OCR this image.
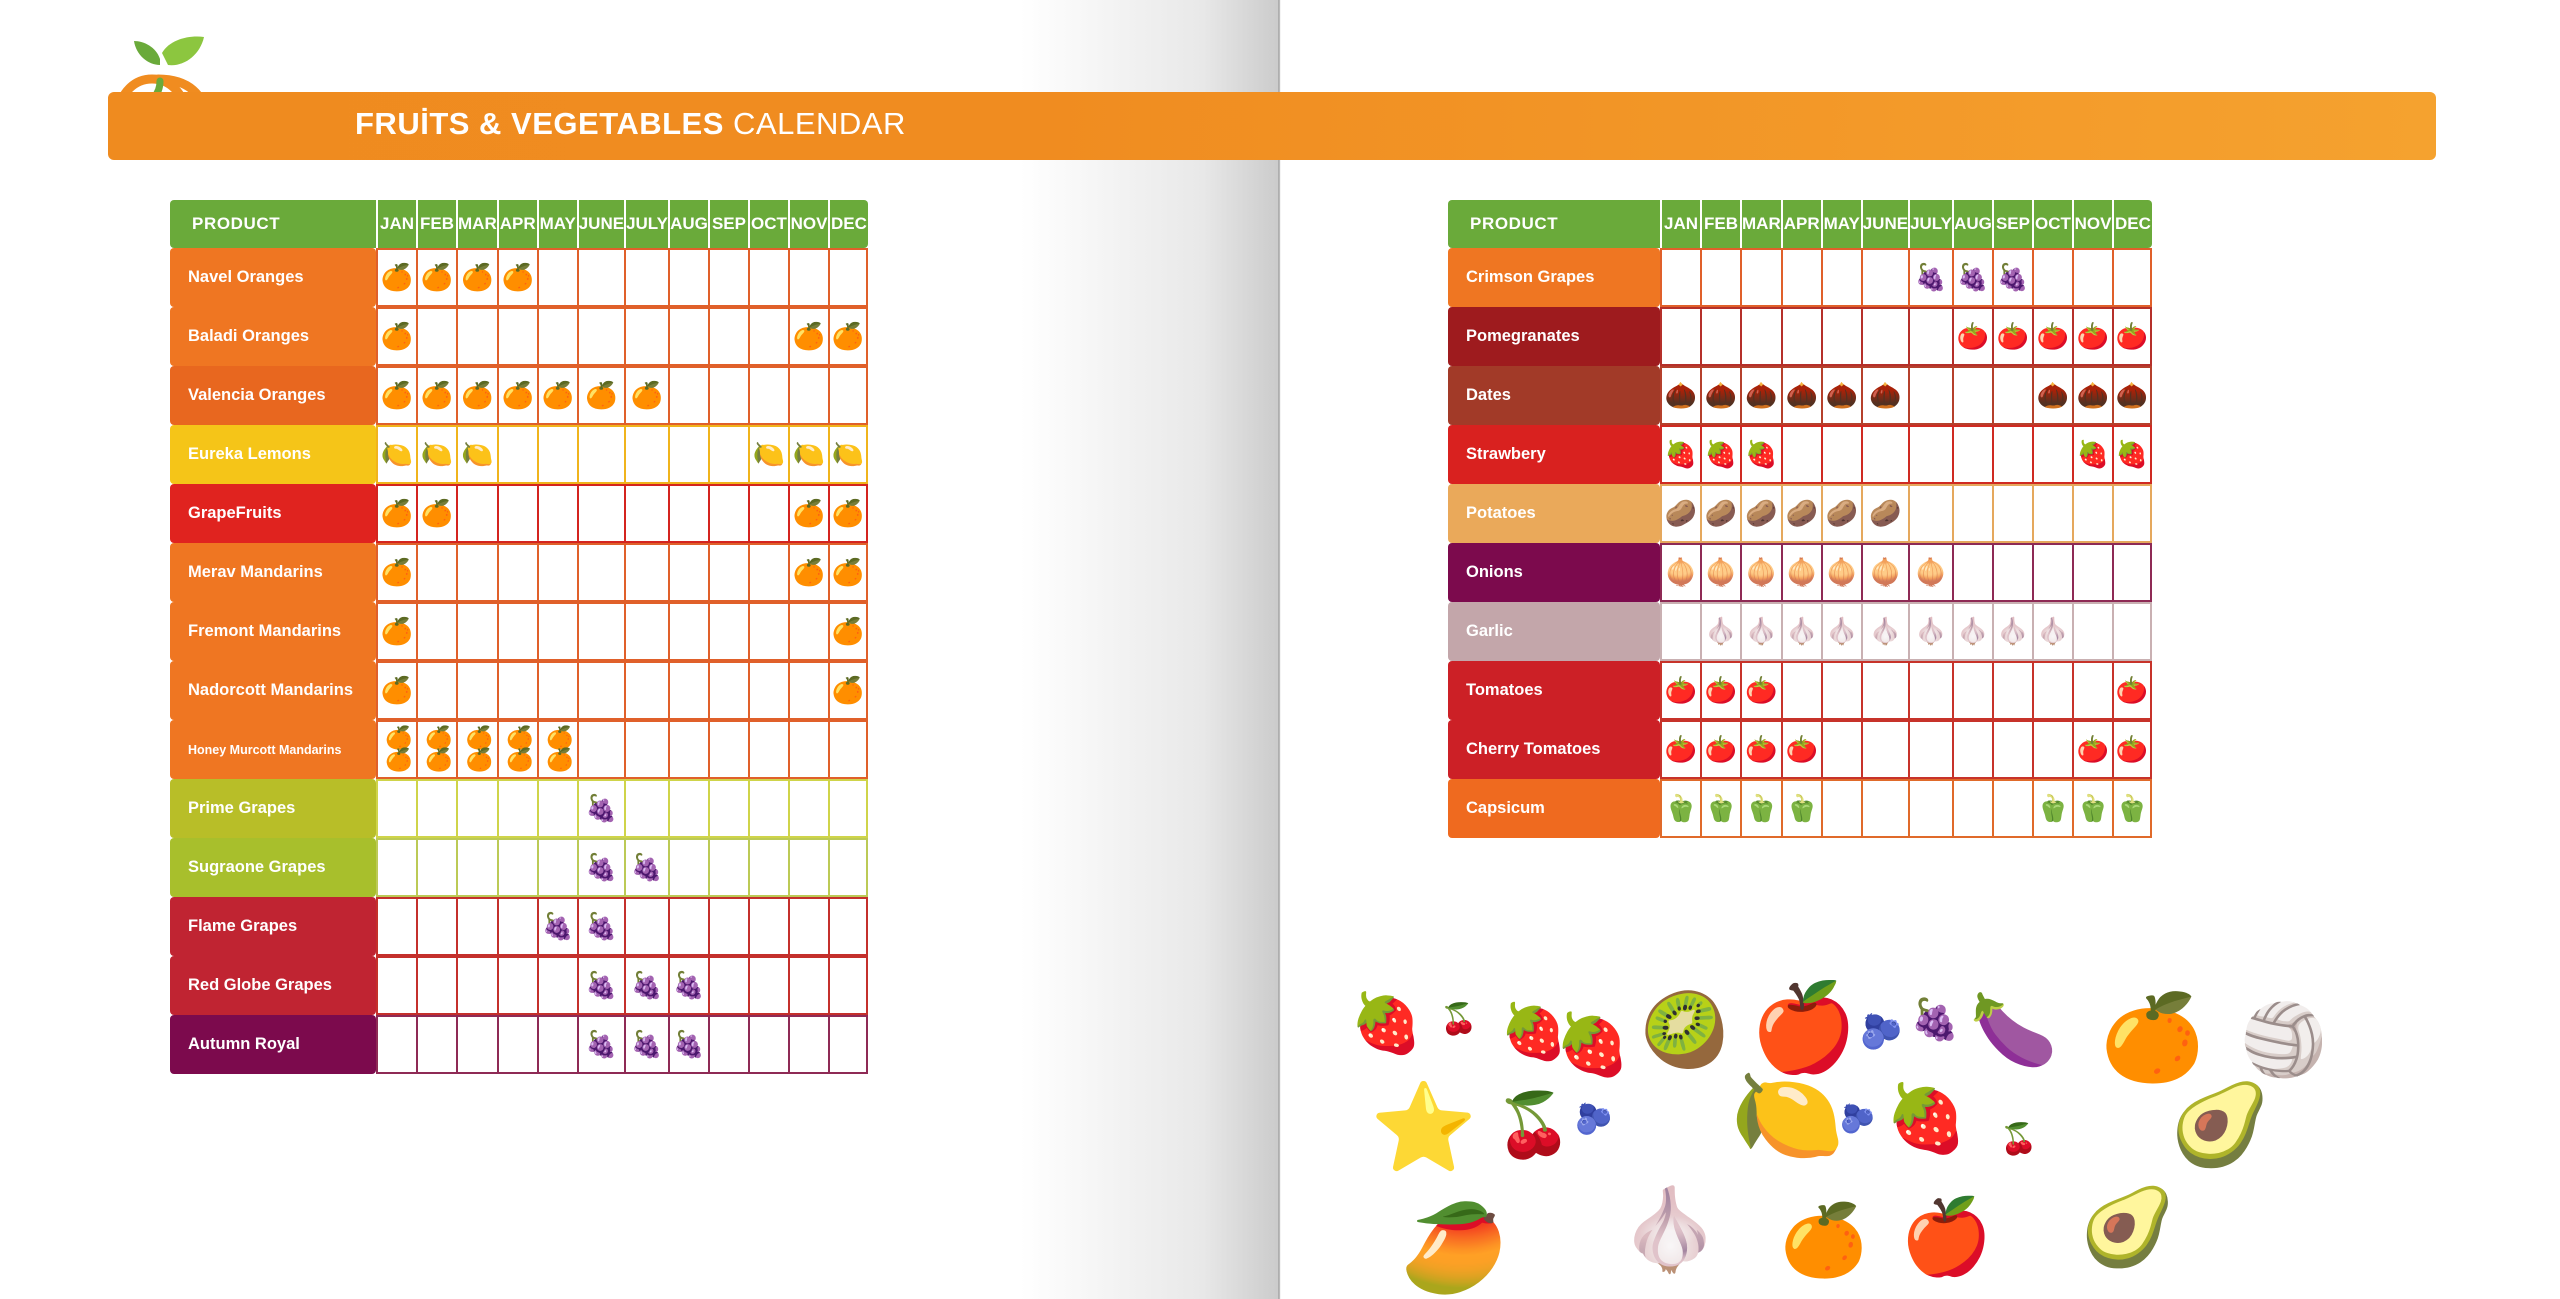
FRUİTS & VEGETABLES CALENDAR
PRODUCT	JAN	FEB	MAR	APR	MAY	JUNE	JULY	AUG	SEP	OCT	NOV	DEC
Navel Oranges	🍊	🍊	🍊	🍊								
Baladi Oranges	🍊										🍊	🍊
Valencia Oranges	🍊	🍊	🍊	🍊	🍊	🍊	🍊					
Eureka Lemons	🍋	🍋	🍋							🍋	🍋	🍋
GrapeFruits	🍊	🍊									🍊	🍊
Merav Mandarins	🍊										🍊	🍊
Fremont Mandarins	🍊											🍊
Nadorcott Mandarins	🍊											🍊
Honey Murcott Mandarins	🍊🍊	🍊🍊	🍊🍊	🍊🍊	🍊🍊							
Prime Grapes						🍇						
Sugraone Grapes						🍇	🍇					
Flame Grapes					🍇	🍇						
Red Globe Grapes						🍇	🍇	🍇				
Autumn Royal						🍇	🍇	🍇				
PRODUCT	JAN	FEB	MAR	APR	MAY	JUNE	JULY	AUG	SEP	OCT	NOV	DEC
Crimson Grapes							🍇	🍇	🍇			
Pomegranates								🍅	🍅	🍅	🍅	🍅
Dates	🌰	🌰	🌰	🌰	🌰	🌰				🌰	🌰	🌰
Strawbery	🍓	🍓	🍓								🍓	🍓
Potatoes	🥔	🥔	🥔	🥔	🥔	🥔						
Onions	🧅	🧅	🧅	🧅	🧅	🧅	🧅					
Garlic		🧄	🧄	🧄	🧄	🧄	🧄	🧄	🧄	🧄		
Tomatoes	🍅	🍅	🍅									🍅
Cherry Tomatoes	🍅	🍅	🍅	🍅							🍅	🍅
Capsicum	🫑	🫑	🫑	🫑						🫑	🫑	🫑
🍓 🍒 🍓
🍓 🥝 🍎 🫐 🍇 🍆 🍊 🏐
⭐ 🍒 🫐 🍋
🫐 🍓 🍒 🥑
🥭 🧄 🍊 🍎 🥑
